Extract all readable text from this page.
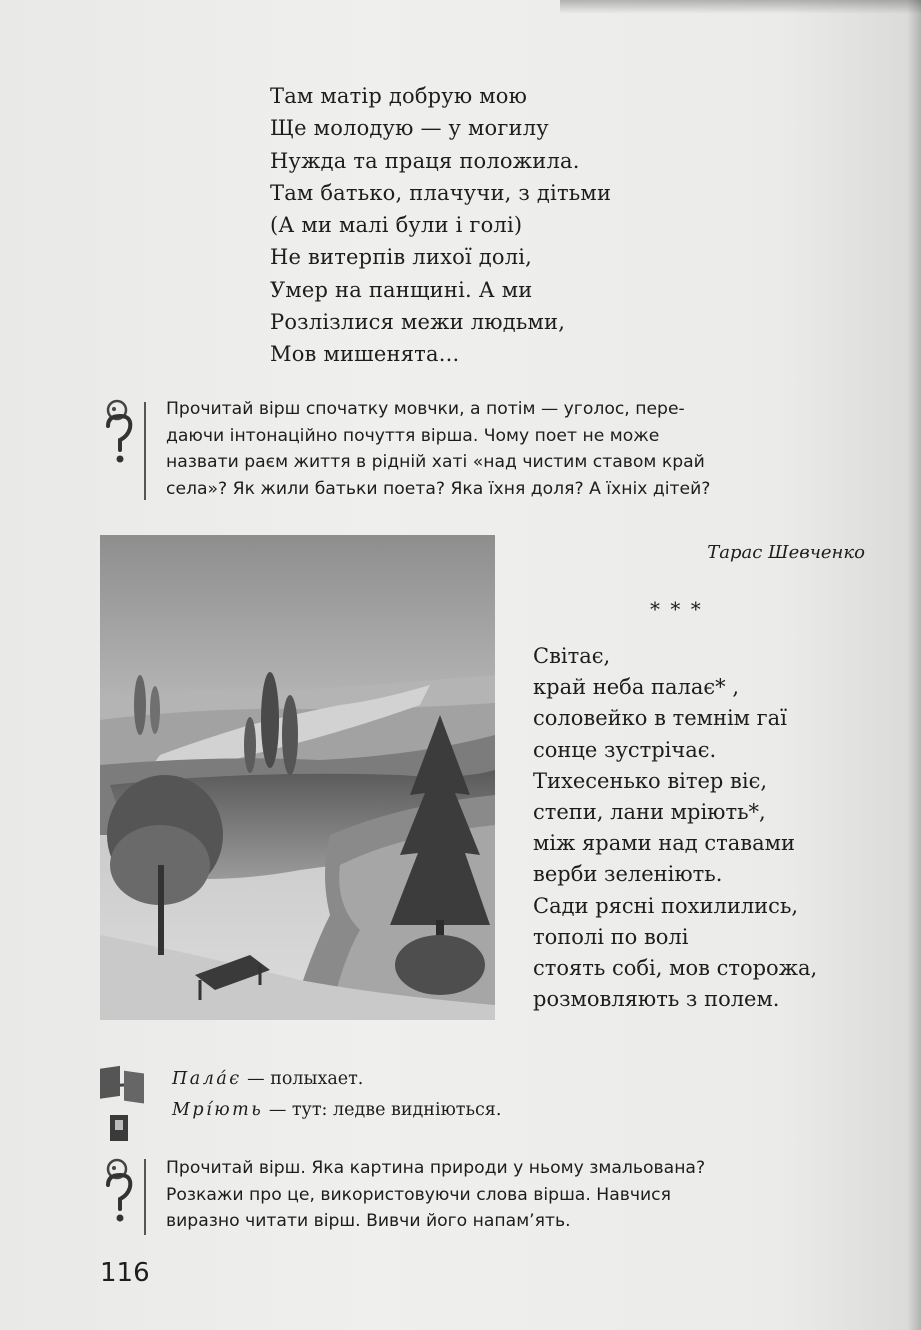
Там матір добрую мою
Ще молодую — у могилу
Нужда та праця положила.
Там батько, плачучи, з дітьми
(А ми малі були і голі)
Не витерпів лихої долі,
Умер на панщині. А ми
Розлізлися межи людьми,
Мов мишенята...
Прочитай вірш спочатку мовчки, а потім — уголос, пере-
даючи інтонаційно почуття вірша. Чому поет не може
назвати раєм життя в рідній хаті «над чистим ставом край
села»? Як жили батьки поета? Яка їхня доля? А їхніх дітей?
Тарас Шевченко
* * *
Світає,
край неба палає* ,
соловейко в темнім гаї
сонце зустрічає.
Тихесенько вітер віє,
степи, лани мріють*,
між ярами над ставами
верби зеленіють.
Сади рясні похилились,
тополі по волі
стоять собі, мов сторожа,
розмовляють з полем.
Пала́є — полыхает.
Мрі́ють — тут: ледве видніються.
Прочитай вірш. Яка картина природи у ньому змальована?
Розкажи про це, використовуючи слова вірша. Навчися
виразно читати вірш. Вивчи його напам’ять.
116
